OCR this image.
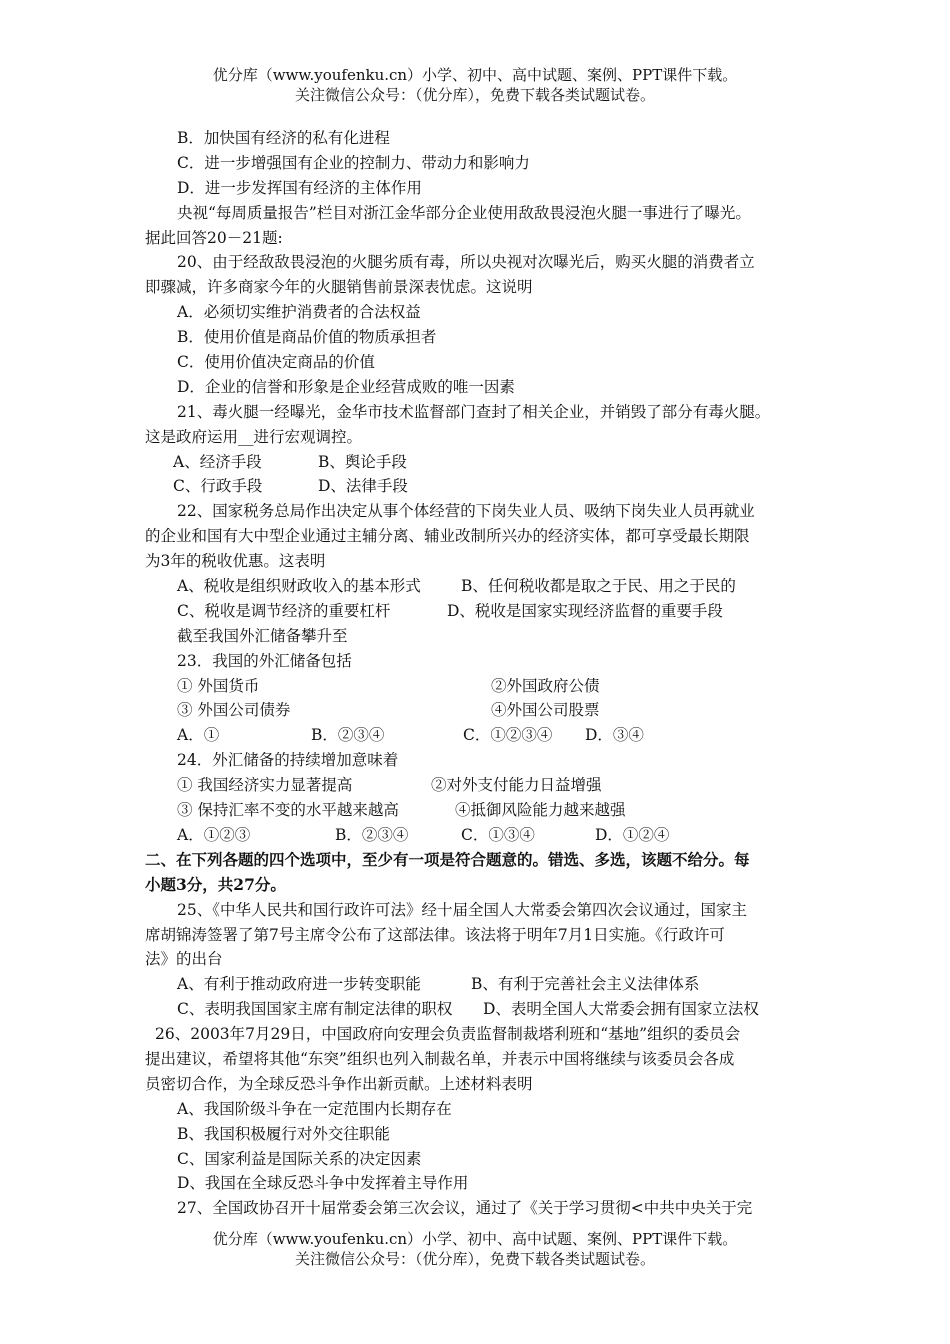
优分库（www.youfenku.cn）小学、初中、高中试题、案例、PPT课件下载。
关注微信公众号：（优分库），免费下载各类试题试卷。
B．加快国有经济的私有化进程
C．进一步增强国有企业的控制力、带动力和影响力
D．进一步发挥国有经济的主体作用
央视“每周质量报告”栏目对浙江金华部分企业使用敌敌畏浸泡火腿一事进行了曝光。
据此回答20－21题:
20、由于经敌敌畏浸泡的火腿劣质有毒，所以央视对次曝光后，购买火腿的消费者立
即骤减，许多商家今年的火腿销售前景深表忧虑。这说明
A．必须切实维护消费者的合法权益
B．使用价值是商品价值的物质承担者
C．使用价值决定商品的价值
D．企业的信誉和形象是企业经营成败的唯一因素
21、毒火腿一经曝光，金华市技术监督部门查封了相关企业，并销毁了部分有毒火腿。
这是政府运用__进行宏观调控。
A、经济手段	B、舆论手段
C、行政手段	D、法律手段
22、国家税务总局作出决定从事个体经营的下岗失业人员、吸纳下岗失业人员再就业
的企业和国有大中型企业通过主辅分离、辅业改制所兴办的经济实体，都可享受最长期限
为3年的税收优惠。这表明
A、税收是组织财政收入的基本形式	B、任何税收都是取之于民、用之于民的
C、税收是调节经济的重要杠杆	D、税收是国家实现经济监督的重要手段
截至我国外汇储备攀升至
23．我国的外汇储备包括
① 外国货币	②外国政府公债
③ 外国公司债券	④外国公司股票
A．①	B．②③④	C．①②③④	D．③④
24．外汇储备的持续增加意味着
① 我国经济实力显著提高	②对外支付能力日益增强
③ 保持汇率不变的水平越来越高	④抵御风险能力越来越强
A．①②③	B．②③④	C．①③④	D．①②④
二、在下列各题的四个选项中，至少有一项是符合题意的。错选、多选，该题不给分。每
小题3分，共27分。
25、《中华人民共和国行政许可法》经十届全国人大常委会第四次会议通过，国家主
席胡锦涛签署了第7号主席令公布了这部法律。该法将于明年7月1日实施。《行政许可
法》的出台
A、有利于推动政府进一步转变职能	B、有利于完善社会主义法律体系
C、表明我国国家主席有制定法律的职权	D、表明全国人大常委会拥有国家立法权
26、2003年7月29日，中国政府向安理会负责监督制裁塔利班和“基地”组织的委员会
提出建议，希望将其他“东突”组织也列入制裁名单，并表示中国将继续与该委员会各成
员密切合作，为全球反恐斗争作出新贡献。上述材料表明
A、我国阶级斗争在一定范围内长期存在
B、我国积极履行对外交往职能
C、国家利益是国际关系的决定因素
D、我国在全球反恐斗争中发挥着主导作用
27、全国政协召开十届常委会第三次会议，通过了《关于学习贯彻<中共中央关于完
优分库（www.youfenku.cn）小学、初中、高中试题、案例、PPT课件下载。
关注微信公众号：（优分库），免费下载各类试题试卷。
